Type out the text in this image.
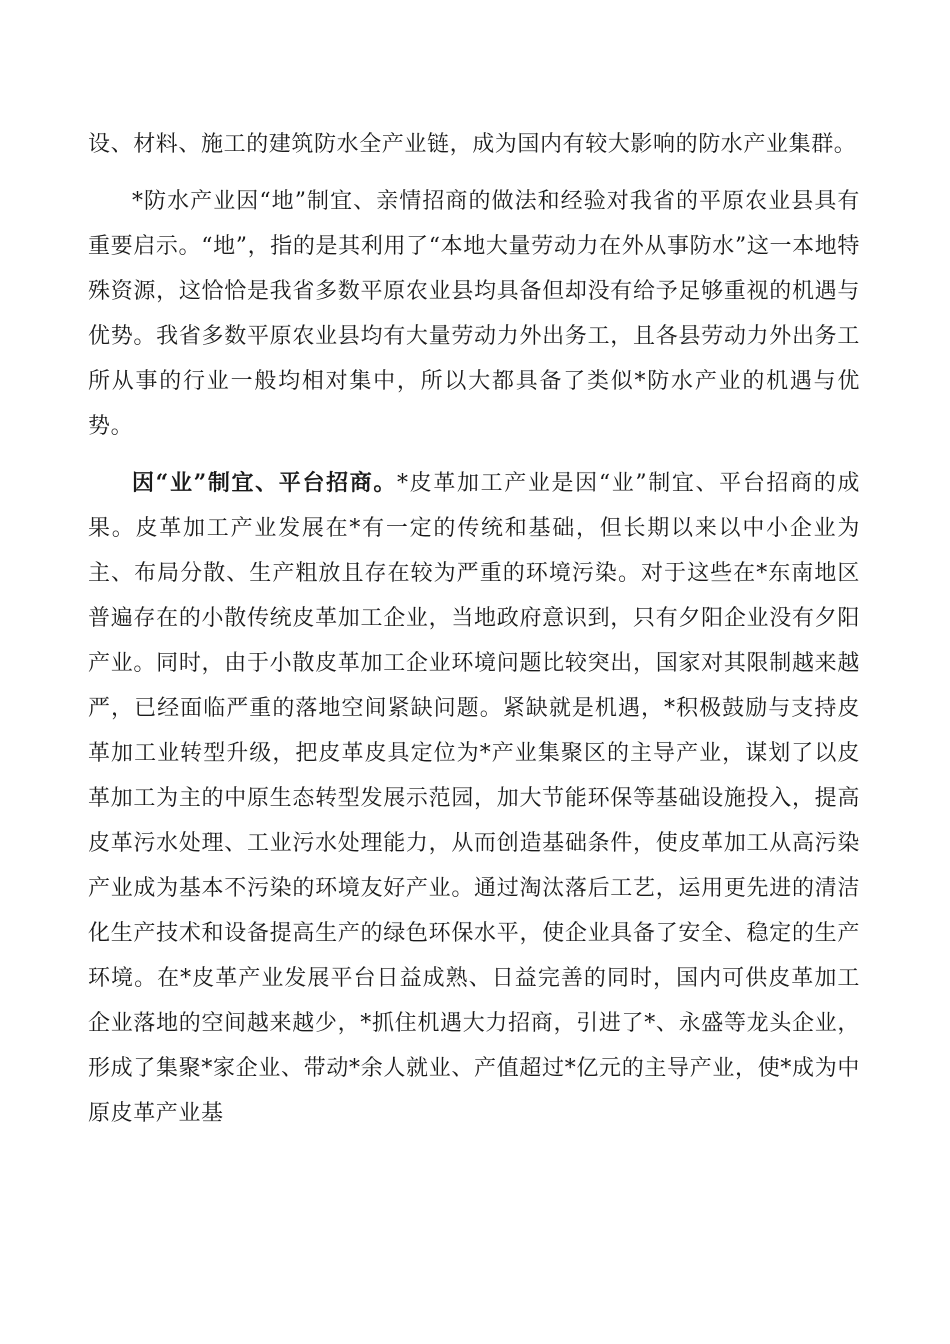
设、材料、施工的建筑防水全产业链，成为国内有较大影响的防水产业集群。

*防水产业因“地”制宜、亲情招商的做法和经验对我省的平原农业县具有重要启示。“地”，指的是其利用了“本地大量劳动力在外从事防水”这一本地特殊资源，这恰恰是我省多数平原农业县均具备但却没有给予足够重视的机遇与优势。我省多数平原农业县均有大量劳动力外出务工，且各县劳动力外出务工所从事的行业一般均相对集中，所以大都具备了类似*防水产业的机遇与优势。

因“业”制宜、平台招商。*皮革加工产业是因“业”制宜、平台招商的成果。皮革加工产业发展在*有一定的传统和基础，但长期以来以中小企业为主、布局分散、生产粗放且存在较为严重的环境污染。对于这些在*东南地区普遍存在的小散传统皮革加工企业，当地政府意识到，只有夕阳企业没有夕阳产业。同时，由于小散皮革加工企业环境问题比较突出，国家对其限制越来越严，已经面临严重的落地空间紧缺问题。紧缺就是机遇，*积极鼓励与支持皮革加工业转型升级，把皮革皮具定位为*产业集聚区的主导产业，谋划了以皮革加工为主的中原生态转型发展示范园，加大节能环保等基础设施投入，提高皮革污水处理、工业污水处理能力，从而创造基础条件，使皮革加工从高污染产业成为基本不污染的环境友好产业。通过淘汰落后工艺，运用更先进的清洁化生产技术和设备提高生产的绿色环保水平，使企业具备了安全、稳定的生产环境。在*皮革产业发展平台日益成熟、日益完善的同时，国内可供皮革加工企业落地的空间越来越少，*抓住机遇大力招商，引进了*、永盛等龙头企业，形成了集聚*家企业、带动*余人就业、产值超过*亿元的主导产业，使*成为中原皮革产业基
